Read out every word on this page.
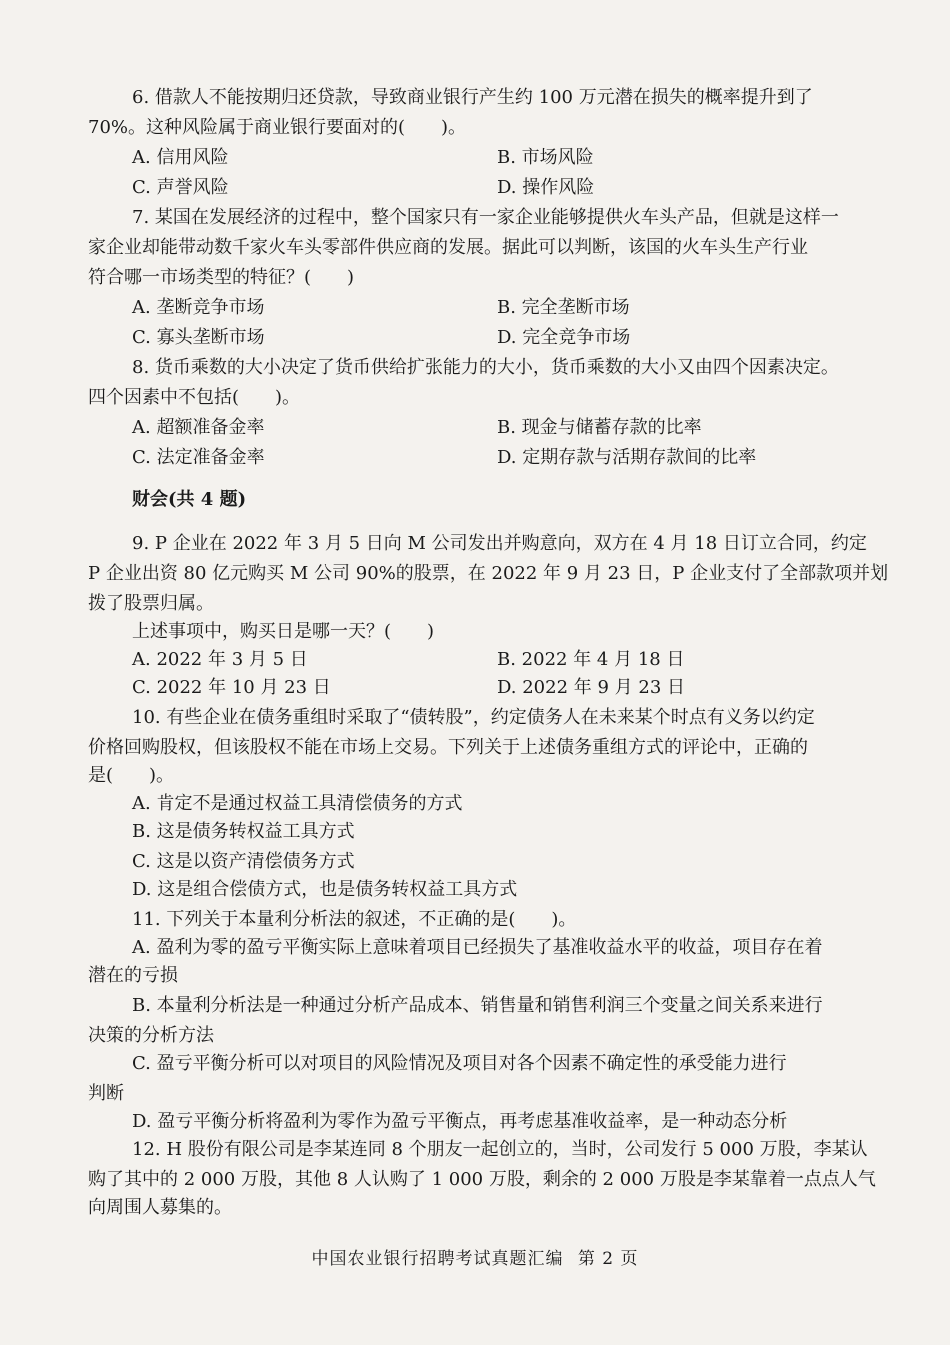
6. 借款人不能按期归还贷款，导致商业银行产生约 100 万元潜在损失的概率提升到了
70%。这种风险属于商业银行要面对的(　　)。
A. 信用风险	B. 市场风险
C. 声誉风险	D. 操作风险
7. 某国在发展经济的过程中，整个国家只有一家企业能够提供火车头产品，但就是这样一
家企业却能带动数千家火车头零部件供应商的发展。据此可以判断，该国的火车头生产行业
符合哪一市场类型的特征？(　　)
A. 垄断竞争市场	B. 完全垄断市场
C. 寡头垄断市场	D. 完全竞争市场
8. 货币乘数的大小决定了货币供给扩张能力的大小，货币乘数的大小又由四个因素决定。
四个因素中不包括(　　)。
A. 超额准备金率	B. 现金与储蓄存款的比率
C. 法定准备金率	D. 定期存款与活期存款间的比率
财会(共 4 题)
9. P 企业在 2022 年 3 月 5 日向 M 公司发出并购意向，双方在 4 月 18 日订立合同，约定
P 企业出资 80 亿元购买 M 公司 90%的股票，在 2022 年 9 月 23 日，P 企业支付了全部款项并划
拨了股票归属。
上述事项中，购买日是哪一天？(　　)
A. 2022 年 3 月 5 日	B. 2022 年 4 月 18 日
C. 2022 年 10 月 23 日	D. 2022 年 9 月 23 日
10. 有些企业在债务重组时采取了“债转股”，约定债务人在未来某个时点有义务以约定
价格回购股权，但该股权不能在市场上交易。下列关于上述债务重组方式的评论中，正确的
是(　　)。
A. 肯定不是通过权益工具清偿债务的方式
B. 这是债务转权益工具方式
C. 这是以资产清偿债务方式
D. 这是组合偿债方式，也是债务转权益工具方式
11. 下列关于本量利分析法的叙述，不正确的是(　　)。
A. 盈利为零的盈亏平衡实际上意味着项目已经损失了基准收益水平的收益，项目存在着
潜在的亏损
B. 本量利分析法是一种通过分析产品成本、销售量和销售利润三个变量之间关系来进行
决策的分析方法
C. 盈亏平衡分析可以对项目的风险情况及项目对各个因素不确定性的承受能力进行
判断
D. 盈亏平衡分析将盈利为零作为盈亏平衡点，再考虑基准收益率，是一种动态分析
12. H 股份有限公司是李某连同 8 个朋友一起创立的，当时，公司发行 5 000 万股，李某认
购了其中的 2 000 万股，其他 8 人认购了 1 000 万股，剩余的 2 000 万股是李某靠着一点点人气
向周围人募集的。
中国农业银行招聘考试真题汇编 第 2 页
